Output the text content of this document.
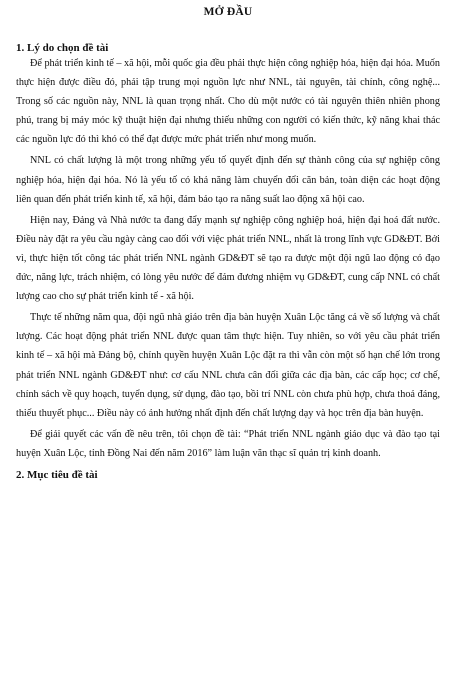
MỞ ĐẦU
1. Lý do chọn đề tài

Để phát triển kinh tế – xã hội, mỗi quốc gia đều phải thực hiện công nghiệp hóa, hiện đại hóa. Muốn thực hiện được điều đó, phải tập trung mọi nguồn lực như NNL, tài nguyên, tài chính, công nghệ... Trong số các nguồn này, NNL là quan trọng nhất. Cho dù một nước có tài nguyên thiên nhiên phong phú, trang bị máy móc kỹ thuật hiện đại nhưng thiếu những con người có kiến thức, kỹ năng khai thác các nguồn lực đó thì khó có thể đạt được mức phát triển như mong muốn.

NNL có chất lượng là một trong những yếu tố quyết định đến sự thành công của sự nghiệp công nghiệp hóa, hiện đại hóa. Nó là yếu tố có khả năng làm chuyển đổi căn bản, toàn diện các hoạt động liên quan đến phát triển kinh tế, xã hội, đảm bảo tạo ra năng suất lao động xã hội cao.

Hiện nay, Đảng và Nhà nước ta đang đẩy mạnh sự nghiệp công nghiệp hoá, hiện đại hoá đất nước. Điều này đặt ra yêu cầu ngày càng cao đối với việc phát triển NNL, nhất là trong lĩnh vực GD&ĐT. Bởi vì, thực hiện tốt công tác phát triển NNL ngành GD&ĐT sẽ tạo ra được một đội ngũ lao động có đạo đức, năng lực, trách nhiệm, có lòng yêu nước để đảm đương nhiệm vụ GD&ĐT, cung cấp NNL có chất lượng cao cho sự phát triển kinh tế - xã hội.

Thực tế những năm qua, đội ngũ nhà giáo trên địa bàn huyện Xuân Lộc tăng cả về số lượng và chất lượng. Các hoạt động phát triển NNL được quan tâm thực hiện. Tuy nhiên, so với yêu cầu phát triển kinh tế – xã hội mà Đảng bộ, chính quyền huyện Xuân Lộc đặt ra thì vẫn còn một số hạn chế lớn trong phát triển NNL ngành GD&ĐT như: cơ cấu NNL chưa cân đối giữa các địa bàn, các cấp học; cơ chế, chính sách về quy hoạch, tuyển dụng, sử dụng, đào tạo, bồi trí NNL còn chưa phù hợp, chưa thoả đáng, thiếu thuyết phục... Điều này có ảnh hưởng nhất định đến chất lượng dạy và học trên địa bàn huyện.

Để giải quyết các vấn đề nêu trên, tôi chọn đề tài: “Phát triển NNL ngành giáo dục và đào tạo tại huyện Xuân Lộc, tỉnh Đồng Nai đến năm 2016” làm luận văn thạc sĩ quản trị kinh doanh.

2. Mục tiêu đề tài
